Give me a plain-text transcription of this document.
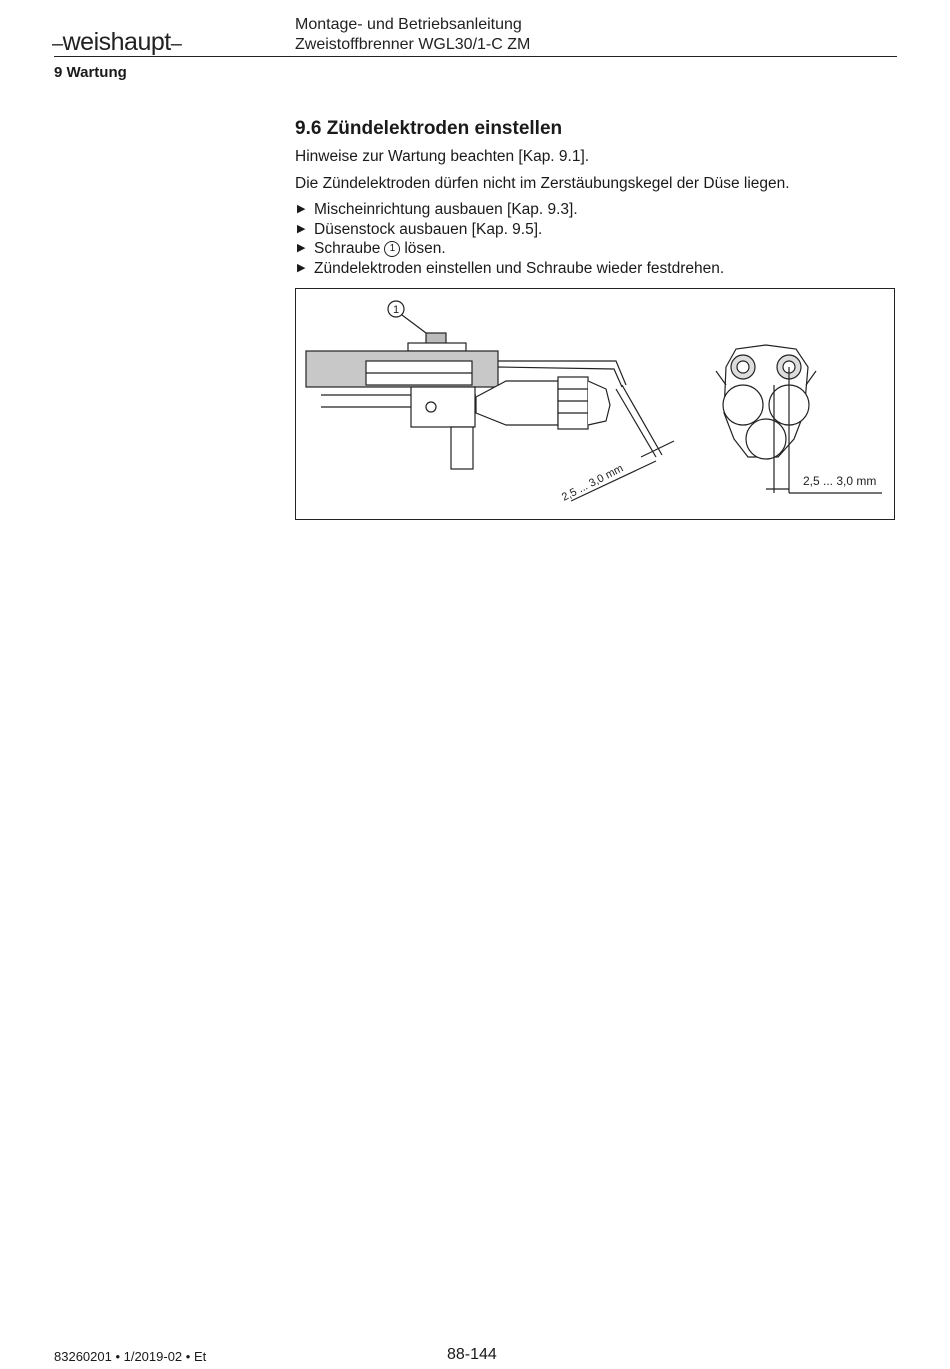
–weishaupt–
Montage- und Betriebsanleitung
Zweistoffbrenner WGL30/1-C ZM
9 Wartung
9.6 Zündelektroden einstellen

Hinweise zur Wartung beachten [Kap. 9.1].

Die Zündelektroden dürfen nicht im Zerstäubungskegel der Düse liegen.

▶ Mischeinrichtung ausbauen [Kap. 9.3].
▶ Düsenstock ausbauen [Kap. 9.5].
▶ Schraube 1 lösen.
▶ Zündelektroden einstellen und Schraube wieder festdrehen.
1
2,5 ... 3,0 mm	2,5 ... 3,0 mm
83260201 • 1/2019-02 • Et	88-144
